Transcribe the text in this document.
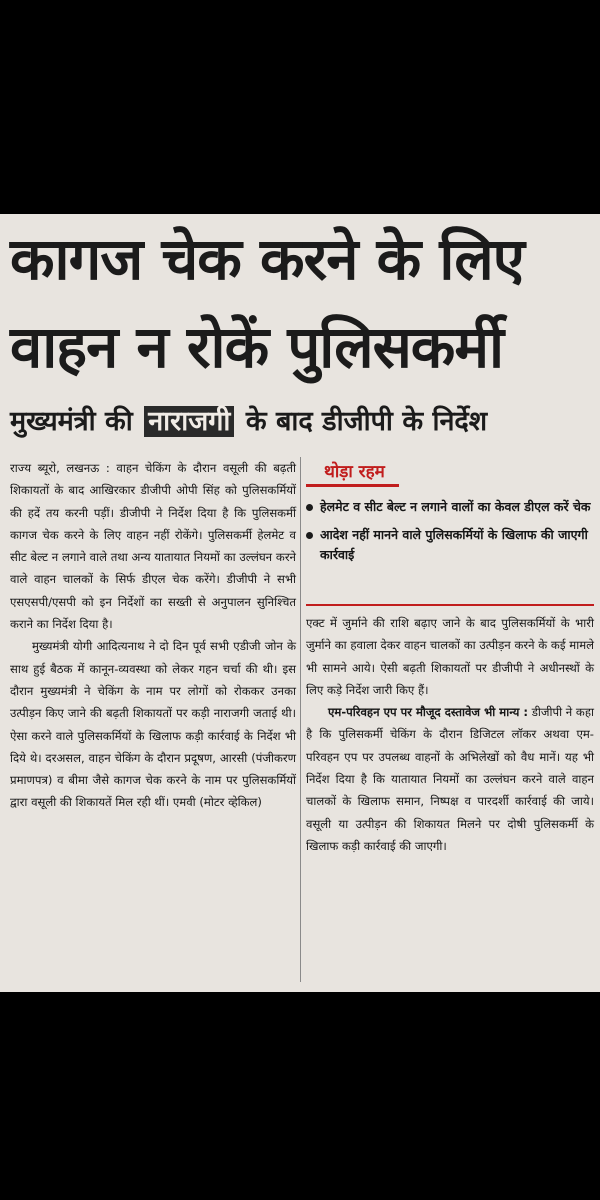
कागज चेक करने के लिए
वाहन न रोकें पुलिसकर्मी
मुख्यमंत्री की नाराजगी के बाद डीजीपी के निर्देश

राज्य ब्यूरो, लखनऊ : वाहन चेकिंग के दौरान वसूली की बढ़ती शिकायतों के बाद आखिरकार डीजीपी ओपी सिंह को पुलिसकर्मियों की हदें तय करनी पड़ीं। डीजीपी ने निर्देश दिया है कि पुलिसकर्मी कागज चेक करने के लिए वाहन नहीं रोकेंगे। पुलिसकर्मी हेलमेट व सीट बेल्ट न लगाने वाले तथा अन्य यातायात नियमों का उल्लंघन करने वाले वाहन चालकों के सिर्फ डीएल चेक करेंगे। डीजीपी ने सभी एसएसपी/एसपी को इन निर्देशों का सख्ती से अनुपालन सुनिश्चित कराने का निर्देश दिया है।

मुख्यमंत्री योगी आदित्यनाथ ने दो दिन पूर्व सभी एडीजी जोन के साथ हुई बैठक में कानून-व्यवस्था को लेकर गहन चर्चा की थी। इस दौरान मुख्यमंत्री ने चेकिंग के नाम पर लोगों को रोककर उनका उत्पीड़न किए जाने की बढ़ती शिकायतों पर कड़ी नाराजगी जताई थी। ऐसा करने वाले पुलिसकर्मियों के खिलाफ कड़ी कार्रवाई के निर्देश भी दिये थे। दरअसल, वाहन चेकिंग के दौरान प्रदूषण, आरसी (पंजीकरण प्रमाणपत्र) व बीमा जैसे कागज चेक करने के नाम पर पुलिसकर्मियों द्वारा वसूली की शिकायतें मिल रही थीं। एमवी (मोटर व्हेकिल)

थोड़ा रहम
हेलमेट व सीट बेल्ट न लगाने वालों का केवल डीएल करें चेक
आदेश नहीं मानने वाले पुलिसकर्मियों के खिलाफ की जाएगी कार्रवाई

एक्ट में जुर्माने की राशि बढ़ाए जाने के बाद पुलिसकर्मियों के भारी जुर्माने का हवाला देकर वाहन चालकों का उत्पीड़न करने के कई मामले भी सामने आये। ऐसी बढ़ती शिकायतों पर डीजीपी ने अधीनस्थों के लिए कड़े निर्देश जारी किए हैं।

एम-परिवहन एप पर मौजूद दस्तावेज भी मान्य : डीजीपी ने कहा है कि पुलिसकर्मी चेकिंग के दौरान डिजिटल लॉकर अथवा एम-परिवहन एप पर उपलब्ध वाहनों के अभिलेखों को वैध मानें। यह भी निर्देश दिया है कि यातायात नियमों का उल्लंघन करने वाले वाहन चालकों के खिलाफ समान, निष्पक्ष व पारदर्शी कार्रवाई की जाये। वसूली या उत्पीड़न की शिकायत मिलने पर दोषी पुलिसकर्मी के खिलाफ कड़ी कार्रवाई की जाएगी।
